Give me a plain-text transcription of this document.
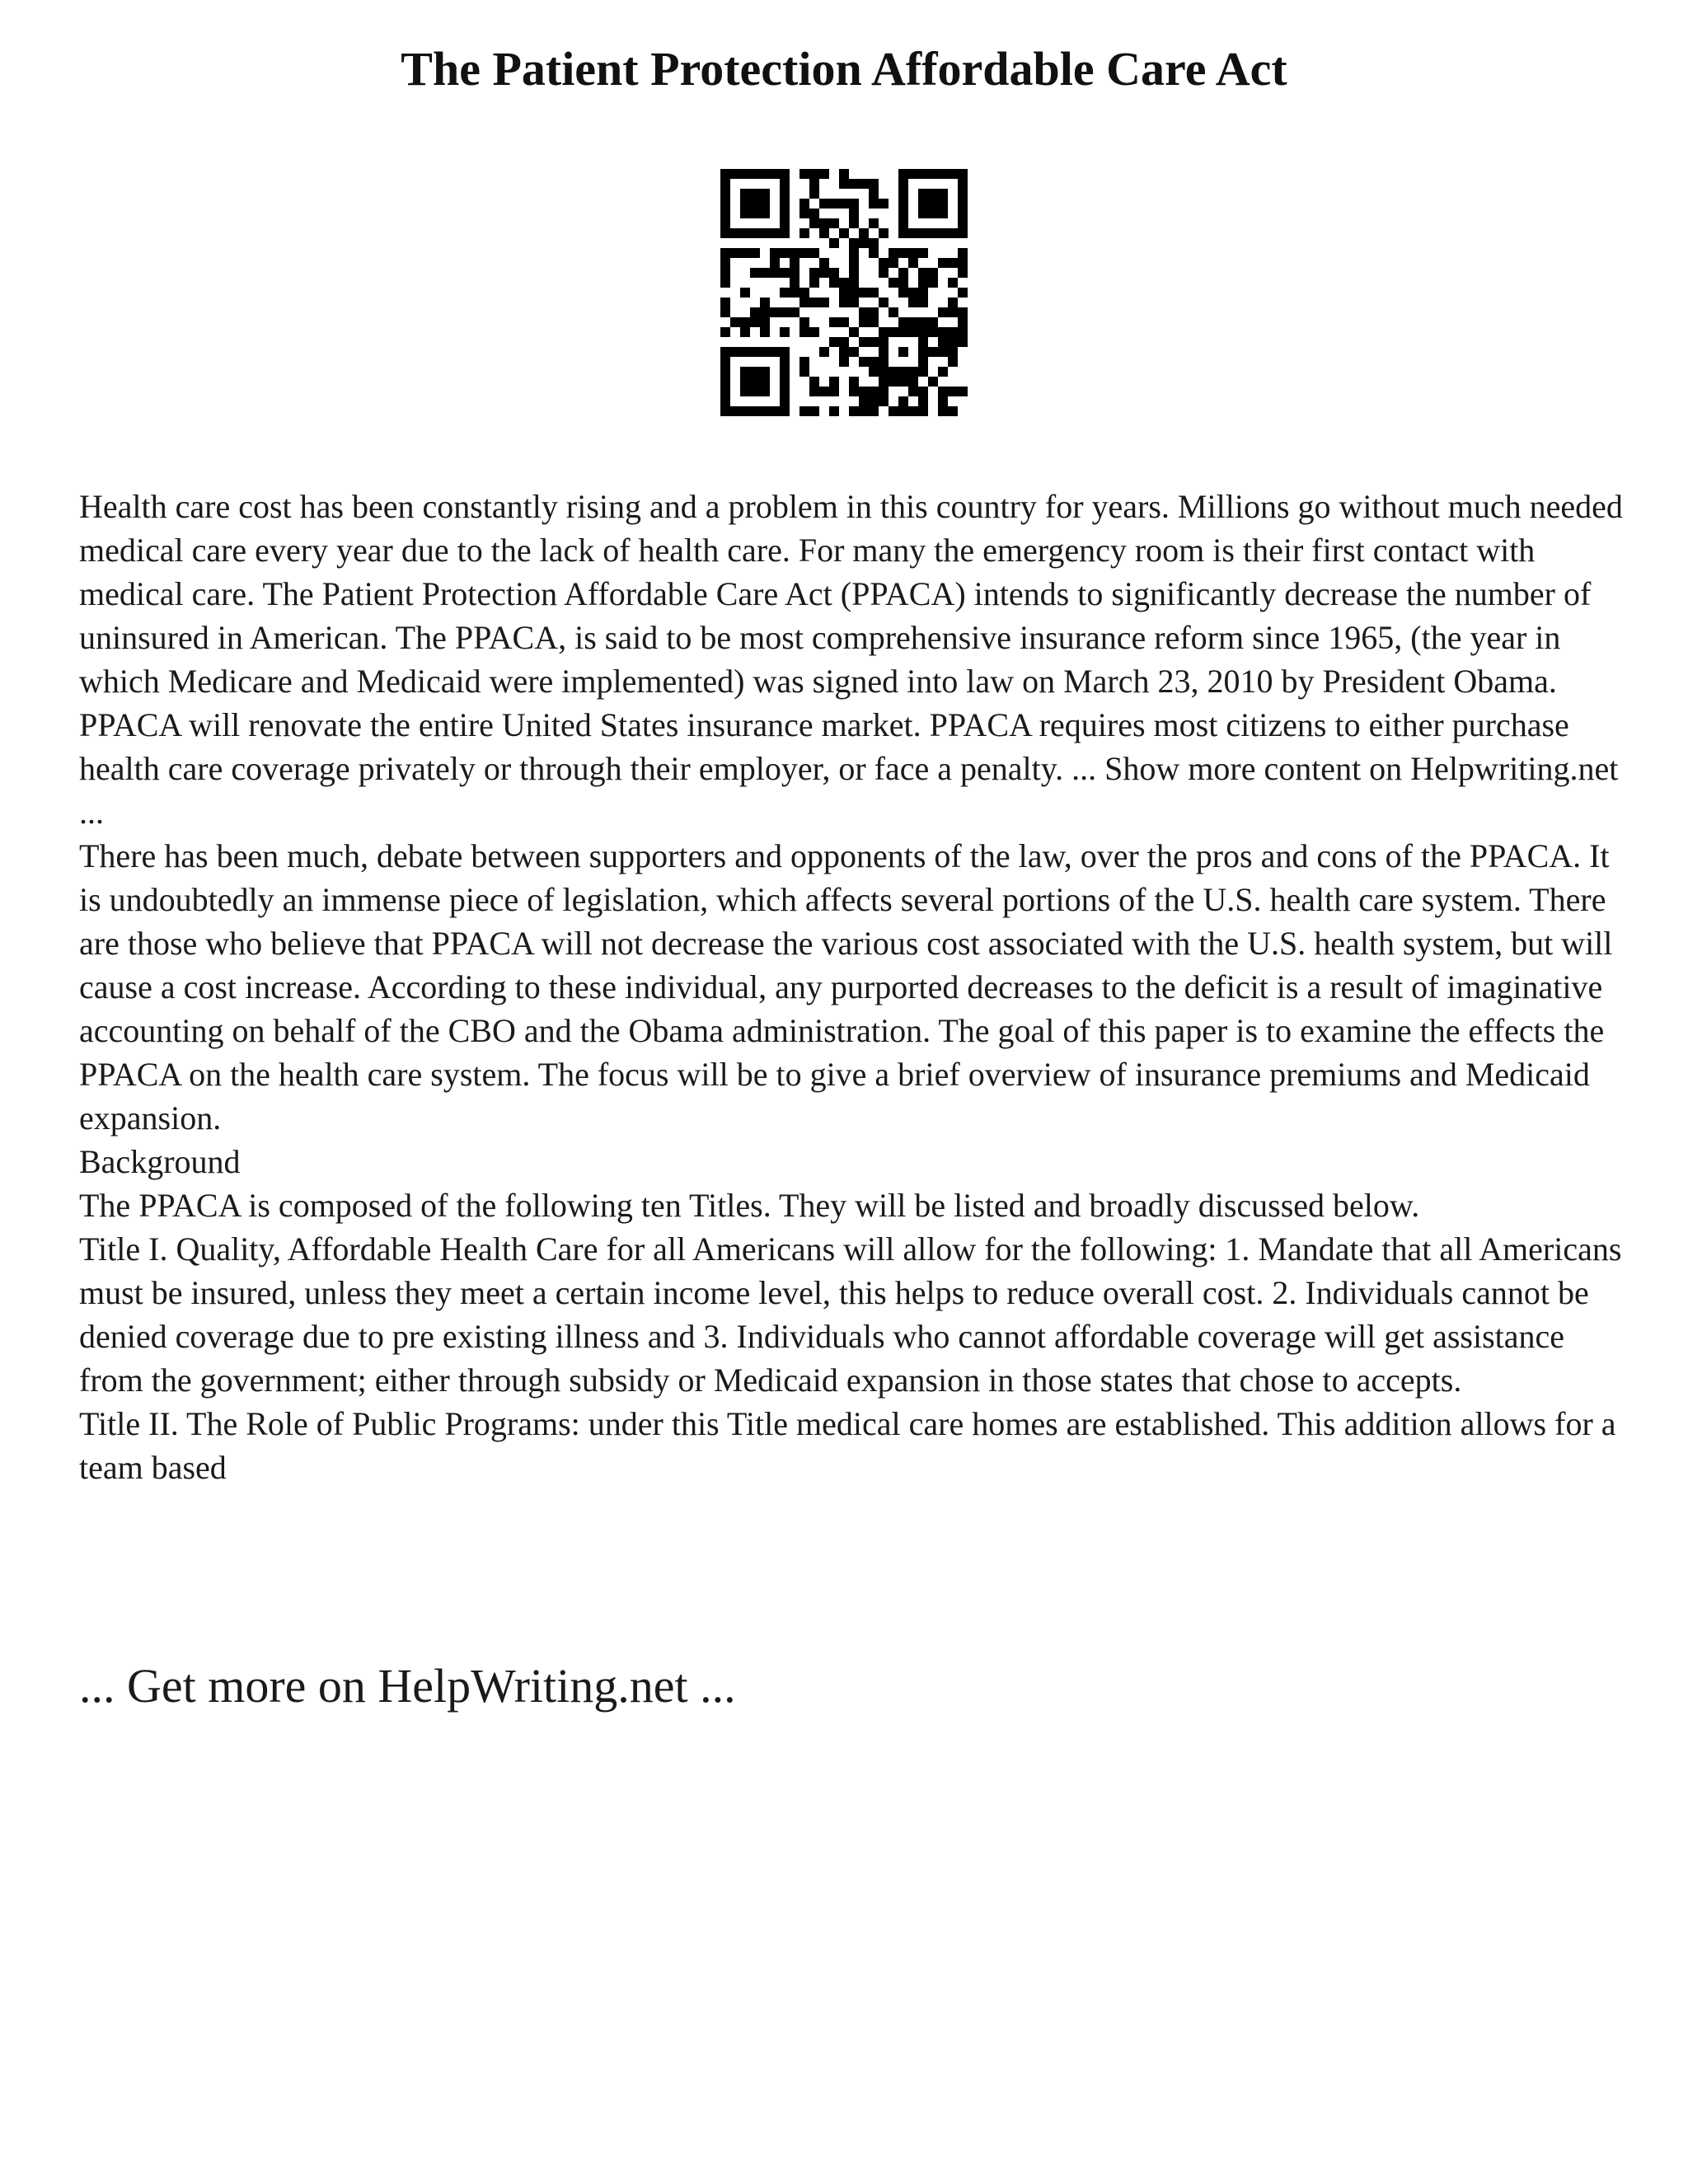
The Patient Protection Affordable Care Act

Health care cost has been constantly rising and a problem in this country for years. Millions go without much needed medical care every year due to the lack of health care. For many the emergency room is their first contact with medical care. The Patient Protection Affordable Care Act (PPACA) intends to significantly decrease the number of uninsured in American. The PPACA, is said to be most comprehensive insurance reform since 1965, (the year in which Medicare and Medicaid were implemented) was signed into law on March 23, 2010 by President Obama. PPACA will renovate the entire United States insurance market. PPACA requires most citizens to either purchase health care coverage privately or through their employer, or face a penalty. ... Show more content on Helpwriting.net ...

There has been much, debate between supporters and opponents of the law, over the pros and cons of the PPACA. It is undoubtedly an immense piece of legislation, which affects several portions of the U.S. health care system. There are those who believe that PPACA will not decrease the various cost associated with the U.S. health system, but will cause a cost increase. According to these individual, any purported decreases to the deficit is a result of imaginative accounting on behalf of the CBO and the Obama administration. The goal of this paper is to examine the effects the PPACA on the health care system. The focus will be to give a brief overview of insurance premiums and Medicaid expansion.

Background

The PPACA is composed of the following ten Titles. They will be listed and broadly discussed below.

Title I. Quality, Affordable Health Care for all Americans will allow for the following: 1. Mandate that all Americans must be insured, unless they meet a certain income level, this helps to reduce overall cost. 2. Individuals cannot be denied coverage due to pre existing illness and 3. Individuals who cannot affordable coverage will get assistance from the government; either through subsidy or Medicaid expansion in those states that chose to accepts.

Title II. The Role of Public Programs: under this Title medical care homes are established. This addition allows for a team based

... Get more on HelpWriting.net ...
